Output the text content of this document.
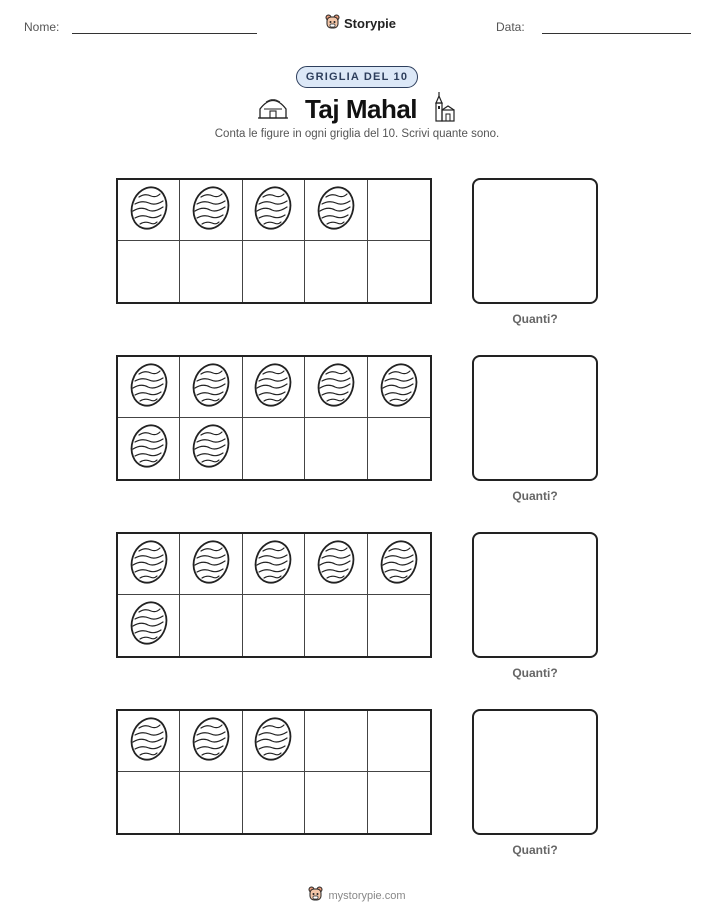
Nome:	Storypie	Data:
GRIGLIA DEL 10
Taj Mahal
Conta le figure in ogni griglia del 10. Scrivi quante sono.
Quanti?
Quanti?
Quanti?
Quanti?
mystorypie.com
